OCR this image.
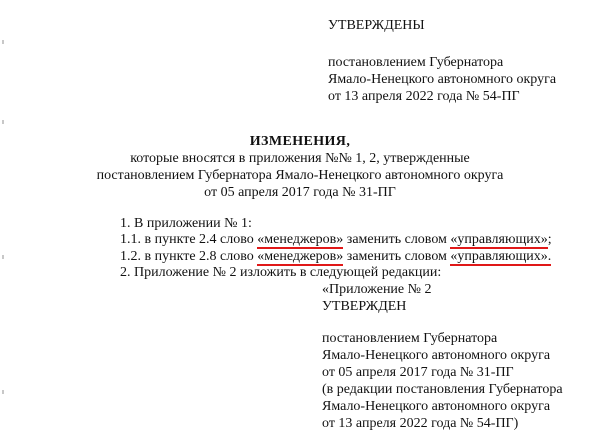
УТВЕРЖДЕНЫ
постановлением Губернатора
Ямало-Ненецкого автономного округа
от 13 апреля 2022 года № 54-ПГ
ИЗМЕНЕНИЯ,
которые вносятся в приложения №№ 1, 2, утвержденные
постановлением Губернатора Ямало-Ненецкого автономного округа
от 05 апреля 2017 года № 31-ПГ
1. В приложении № 1:
1.1. в пункте 2.4 слово «менеджеров» заменить словом «управляющих»;
1.2. в пункте 2.8 слово «менеджеров» заменить словом «управляющих».
2. Приложение № 2 изложить в следующей редакции:
«Приложение № 2
УТВЕРЖДЕН
постановлением Губернатора
Ямало-Ненецкого автономного округа
от 05 апреля 2017 года № 31-ПГ
(в редакции постановления Губернатора
Ямало-Ненецкого автономного округа
от 13 апреля 2022 года № 54-ПГ)
